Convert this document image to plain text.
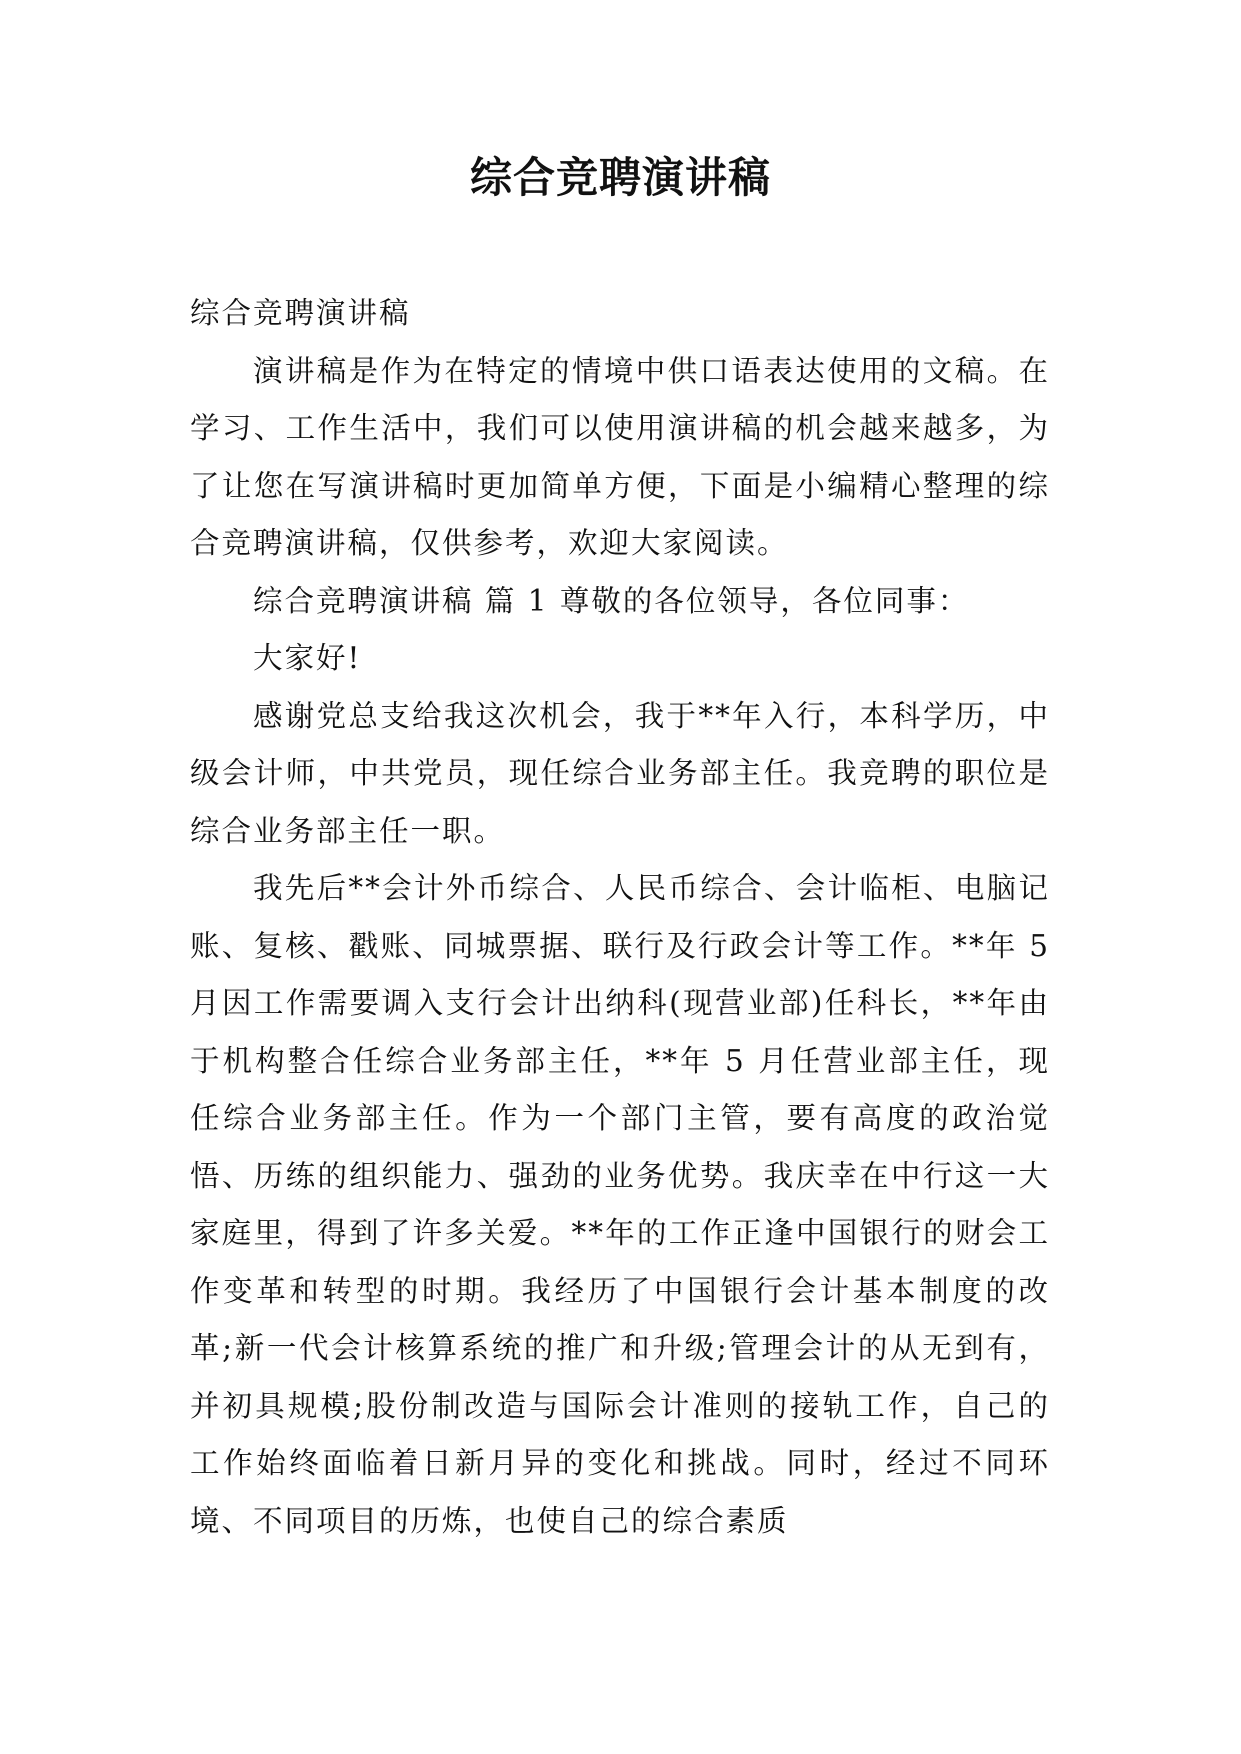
综合竞聘演讲稿

综合竞聘演讲稿

演讲稿是作为在特定的情境中供口语表达使用的文稿。在学习、工作生活中，我们可以使用演讲稿的机会越来越多，为了让您在写演讲稿时更加简单方便，下面是小编精心整理的综合竞聘演讲稿，仅供参考，欢迎大家阅读。

综合竞聘演讲稿 篇 1 尊敬的各位领导，各位同事：

大家好!

感谢党总支给我这次机会，我于**年入行，本科学历，中级会计师，中共党员，现任综合业务部主任。我竞聘的职位是综合业务部主任一职。

我先后**会计外币综合、人民币综合、会计临柜、电脑记账、复核、戳账、同城票据、联行及行政会计等工作。**年 5 月因工作需要调入支行会计出纳科(现营业部)任科长，**年由于机构整合任综合业务部主任，**年 5 月任营业部主任，现任综合业务部主任。作为一个部门主管，要有高度的政治觉悟、历练的组织能力、强劲的业务优势。我庆幸在中行这一大家庭里，得到了许多关爱。**年的工作正逢中国银行的财会工作变革和转型的时期。我经历了中国银行会计基本制度的改革;新一代会计核算系统的推广和升级;管理会计的从无到有，并初具规模;股份制改造与国际会计准则的接轨工作，自己的工作始终面临着日新月异的变化和挑战。同时，经过不同环境、不同项目的历炼，也使自己的综合素质
